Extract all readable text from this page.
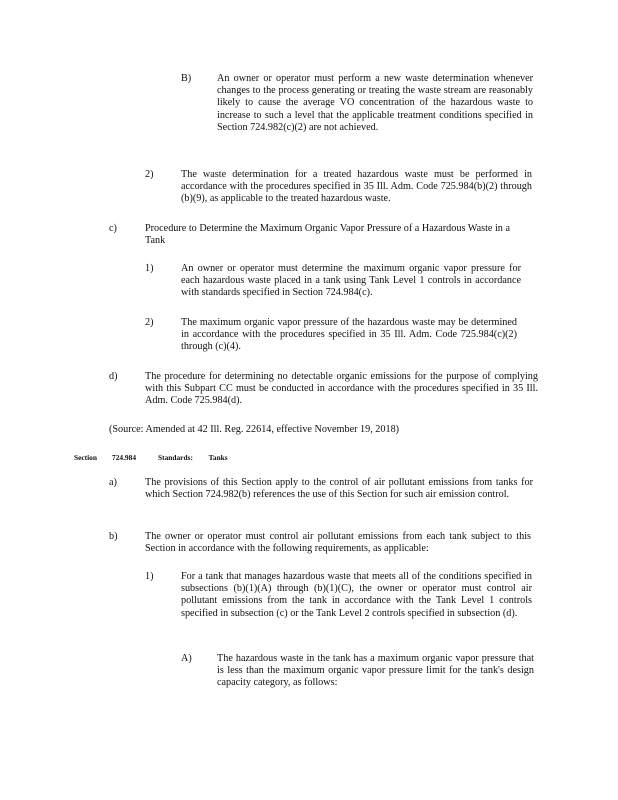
B)	An owner or operator must perform a new waste determination whenever changes to the process generating or treating the waste stream are reasonably likely to cause the average VO concentration of the hazardous waste to increase to such a level that the applicable treatment conditions specified in Section 724.982(c)(2) are not achieved.
2)	The waste determination for a treated hazardous waste must be performed in accordance with the procedures specified in 35 Ill. Adm. Code 725.984(b)(2) through (b)(9), as applicable to the treated hazardous waste.
c)	Procedure to Determine the Maximum Organic Vapor Pressure of a Hazardous Waste in a Tank
1)	An owner or operator must determine the maximum organic vapor pressure for each hazardous waste placed in a tank using Tank Level 1 controls in accordance with standards specified in Section 724.984(c).
2)	The maximum organic vapor pressure of the hazardous waste may be determined in accordance with the procedures specified in 35 Ill. Adm. Code 725.984(c)(2) through (c)(4).
d)	The procedure for determining no detectable organic emissions for the purpose of complying with this Subpart CC must be conducted in accordance with the procedures specified in 35 Ill. Adm. Code 725.984(d).
(Source: Amended at 42 Ill. Reg. 22614, effective November 19, 2018)
Section 724.984	Standards: Tanks
a)	The provisions of this Section apply to the control of air pollutant emissions from tanks for which Section 724.982(b) references the use of this Section for such air emission control.
b)	The owner or operator must control air pollutant emissions from each tank subject to this Section in accordance with the following requirements, as applicable:
1)	For a tank that manages hazardous waste that meets all of the conditions specified in subsections (b)(1)(A) through (b)(1)(C), the owner or operator must control air pollutant emissions from the tank in accordance with the Tank Level 1 controls specified in subsection (c) or the Tank Level 2 controls specified in subsection (d).
A) The hazardous waste in the tank has a maximum organic vapor pressure that is less than the maximum organic vapor pressure limit for the tank's design capacity category, as follows:
